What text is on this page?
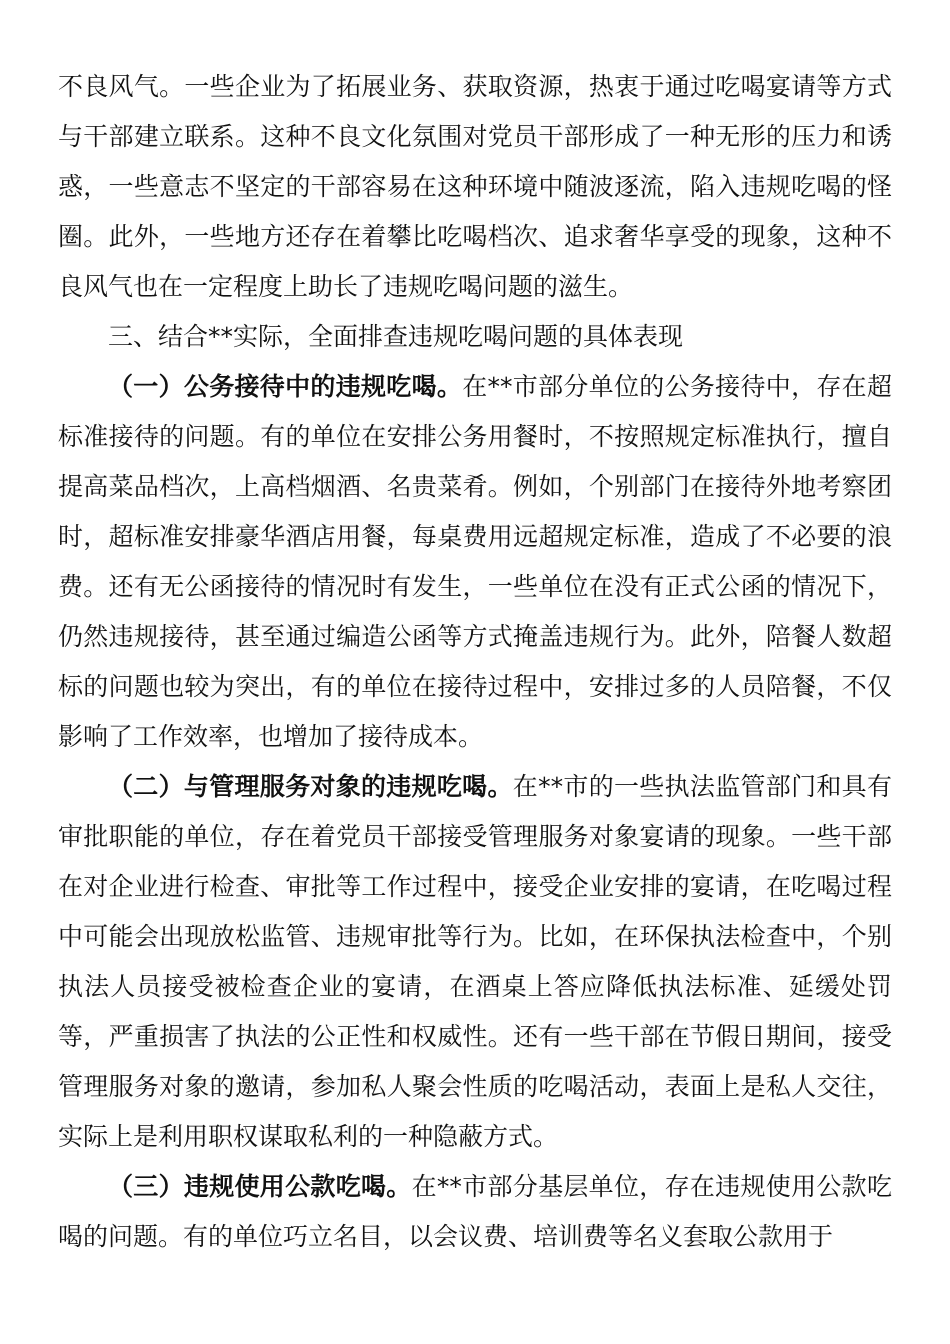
不良风气。一些企业为了拓展业务、获取资源，热衷于通过吃喝宴请等方式与干部建立联系。这种不良文化氛围对党员干部形成了一种无形的压力和诱惑，一些意志不坚定的干部容易在这种环境中随波逐流，陷入违规吃喝的怪圈。此外，一些地方还存在着攀比吃喝档次、追求奢华享受的现象，这种不良风气也在一定程度上助长了违规吃喝问题的滋生。

三、结合**实际，全面排查违规吃喝问题的具体表现

（一）公务接待中的违规吃喝。在**市部分单位的公务接待中，存在超标准接待的问题。有的单位在安排公务用餐时，不按照规定标准执行，擅自提高菜品档次，上高档烟酒、名贵菜肴。例如，个别部门在接待外地考察团时，超标准安排豪华酒店用餐，每桌费用远超规定标准，造成了不必要的浪费。还有无公函接待的情况时有发生，一些单位在没有正式公函的情况下，仍然违规接待，甚至通过编造公函等方式掩盖违规行为。此外，陪餐人数超标的问题也较为突出，有的单位在接待过程中，安排过多的人员陪餐，不仅影响了工作效率，也增加了接待成本。

（二）与管理服务对象的违规吃喝。在**市的一些执法监管部门和具有审批职能的单位，存在着党员干部接受管理服务对象宴请的现象。一些干部在对企业进行检查、审批等工作过程中，接受企业安排的宴请，在吃喝过程中可能会出现放松监管、违规审批等行为。比如，在环保执法检查中，个别执法人员接受被检查企业的宴请，在酒桌上答应降低执法标准、延缓处罚等，严重损害了执法的公正性和权威性。还有一些干部在节假日期间，接受管理服务对象的邀请，参加私人聚会性质的吃喝活动，表面上是私人交往，实际上是利用职权谋取私利的一种隐蔽方式。

（三）违规使用公款吃喝。在**市部分基层单位，存在违规使用公款吃喝的问题。有的单位巧立名目，以会议费、培训费等名义套取公款用于
